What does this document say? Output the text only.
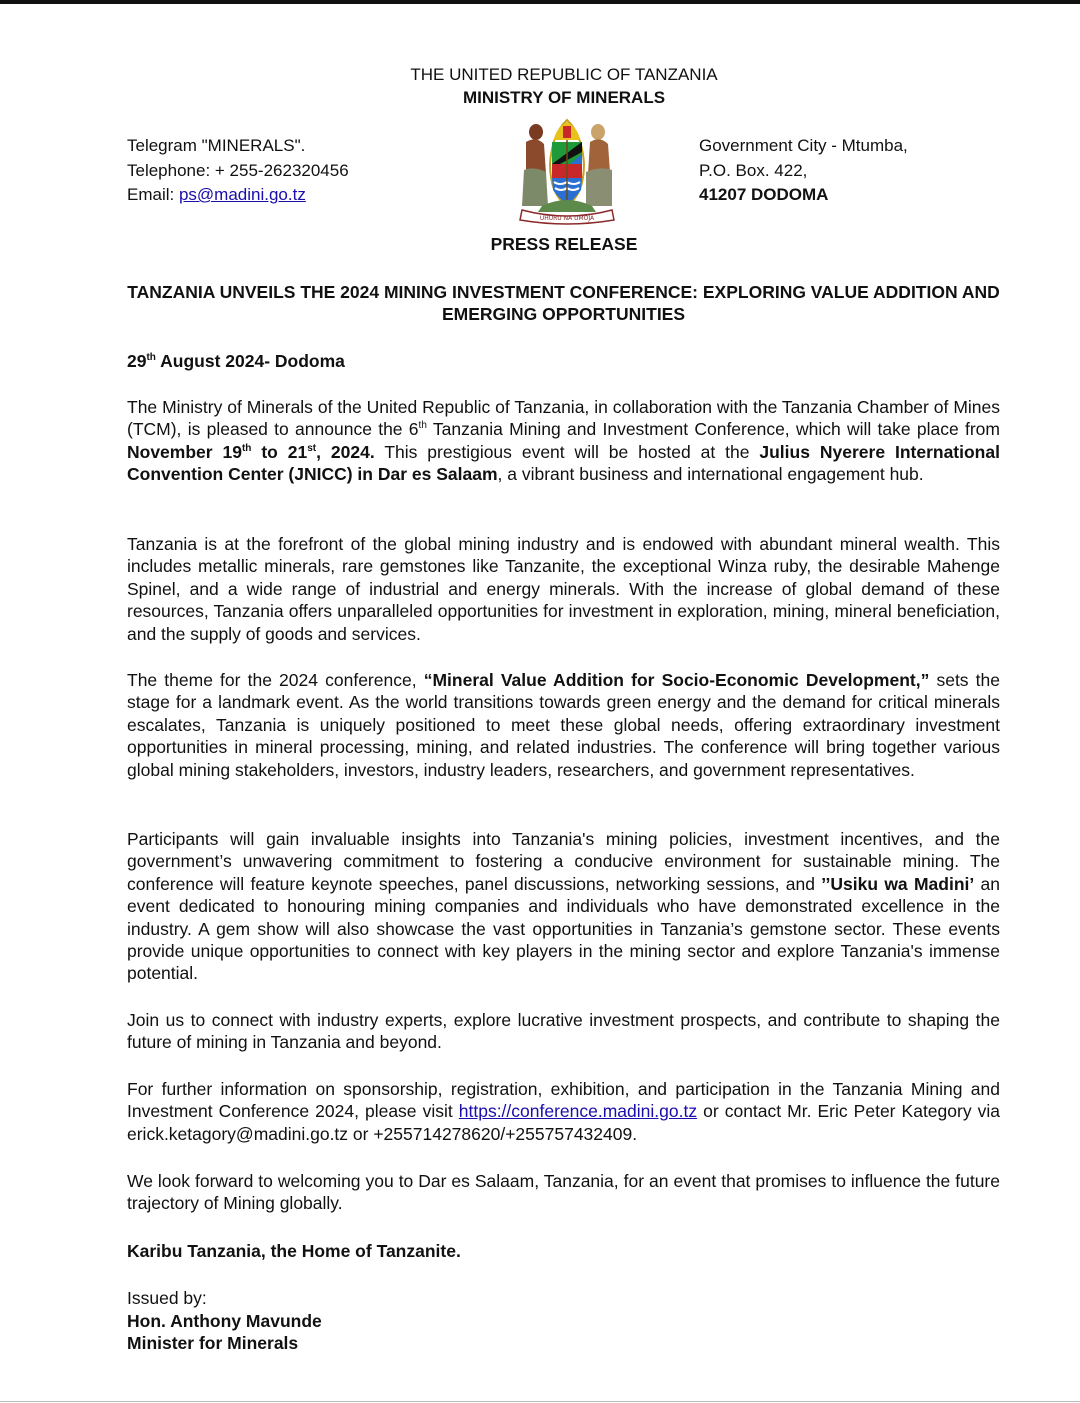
THE UNITED REPUBLIC OF TANZANIA
MINISTRY OF MINERALS
Telegram "MINERALS".
Telephone: + 255-262320456
Email: ps@madini.go.tz
UHURU NA UMOJA
Government City - Mtumba,
P.O. Box. 422,
41207 DODOMA
PRESS RELEASE
TANZANIA UNVEILS THE 2024 MINING INVESTMENT CONFERENCE: EXPLORING VALUE ADDITION AND EMERGING OPPORTUNITIES
29th August 2024- Dodoma
The Ministry of Minerals of the United Republic of Tanzania, in collaboration with the Tanzania Chamber of Mines (TCM), is pleased to announce the 6th Tanzania Mining and Investment Conference, which will take place from November 19th to 21st, 2024. This prestigious event will be hosted at the Julius Nyerere International Convention Center (JNICC) in Dar es Salaam, a vibrant business and international engagement hub.
Tanzania is at the forefront of the global mining industry and is endowed with abundant mineral wealth. This includes metallic minerals, rare gemstones like Tanzanite, the exceptional Winza ruby, the desirable Mahenge Spinel, and a wide range of industrial and energy minerals. With the increase of global demand of these resources, Tanzania offers unparalleled opportunities for investment in exploration, mining, mineral beneficiation, and the supply of goods and services.
The theme for the 2024 conference, “Mineral Value Addition for Socio-Economic Development,” sets the stage for a landmark event. As the world transitions towards green energy and the demand for critical minerals escalates, Tanzania is uniquely positioned to meet these global needs, offering extraordinary investment opportunities in mineral processing, mining, and related industries. The conference will bring together various global mining stakeholders, investors, industry leaders, researchers, and government representatives.
Participants will gain invaluable insights into Tanzania's mining policies, investment incentives, and the government’s unwavering commitment to fostering a conducive environment for sustainable mining. The conference will feature keynote speeches, panel discussions, networking sessions, and ’’Usiku wa Madini’ an event dedicated to honouring mining companies and individuals who have demonstrated excellence in the industry. A gem show will also showcase the vast opportunities in Tanzania’s gemstone sector. These events provide unique opportunities to connect with key players in the mining sector and explore Tanzania's immense potential.
Join us to connect with industry experts, explore lucrative investment prospects, and contribute to shaping the future of mining in Tanzania and beyond.
For further information on sponsorship, registration, exhibition, and participation in the Tanzania Mining and Investment Conference 2024, please visit https://conference.madini.go.tz or contact Mr. Eric Peter Kategory via erick.ketagory@madini.go.tz or +255714278620/+255757432409.
We look forward to welcoming you to Dar es Salaam, Tanzania, for an event that promises to influence the future trajectory of Mining globally.
Karibu Tanzania, the Home of Tanzanite.
Issued by:
Hon. Anthony Mavunde
Minister for Minerals
